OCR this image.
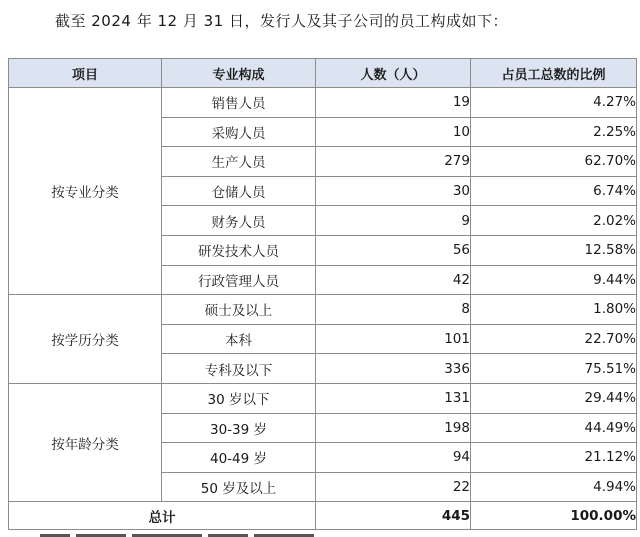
截至 2024 年 12 月 31 日，发行人及其子公司的员工构成如下：
项目	专业构成	人数（人）	占员工总数的比例
按专业分类	销售人员	19	4.27%
	采购人员	10	2.25%
	生产人员	279	62.70%
	仓储人员	30	6.74%
	财务人员	9	2.02%
	研发技术人员	56	12.58%
	行政管理人员	42	9.44%
按学历分类	硕士及以上	8	1.80%
	本科	101	22.70%
	专科及以下	336	75.51%
按年龄分类	30 岁以下	131	29.44%
	30-39 岁	198	44.49%
	40-49 岁	94	21.12%
	50 岁及以上	22	4.94%
总计		445	100.00%
